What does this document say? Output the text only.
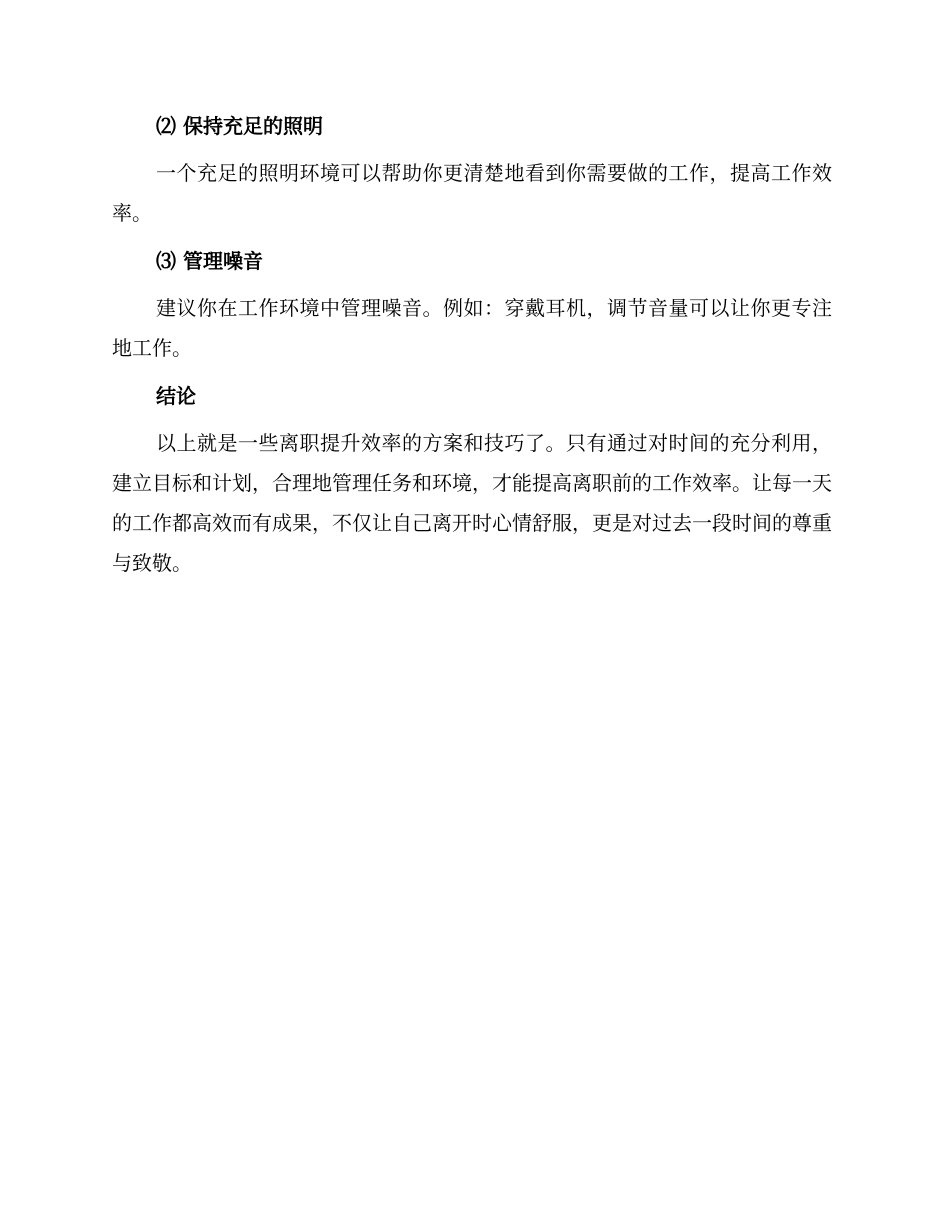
⑵ 保持充足的照明

一个充足的照明环境可以帮助你更清楚地看到你需要做的工作，提高工作效率。

⑶ 管理噪音

建议你在工作环境中管理噪音。例如：穿戴耳机，调节音量可以让你更专注地工作。

结论

以上就是一些离职提升效率的方案和技巧了。只有通过对时间的充分利用，建立目标和计划，合理地管理任务和环境，才能提高离职前的工作效率。让每一天的工作都高效而有成果，不仅让自己离开时心情舒服，更是对过去一段时间的尊重与致敬。
